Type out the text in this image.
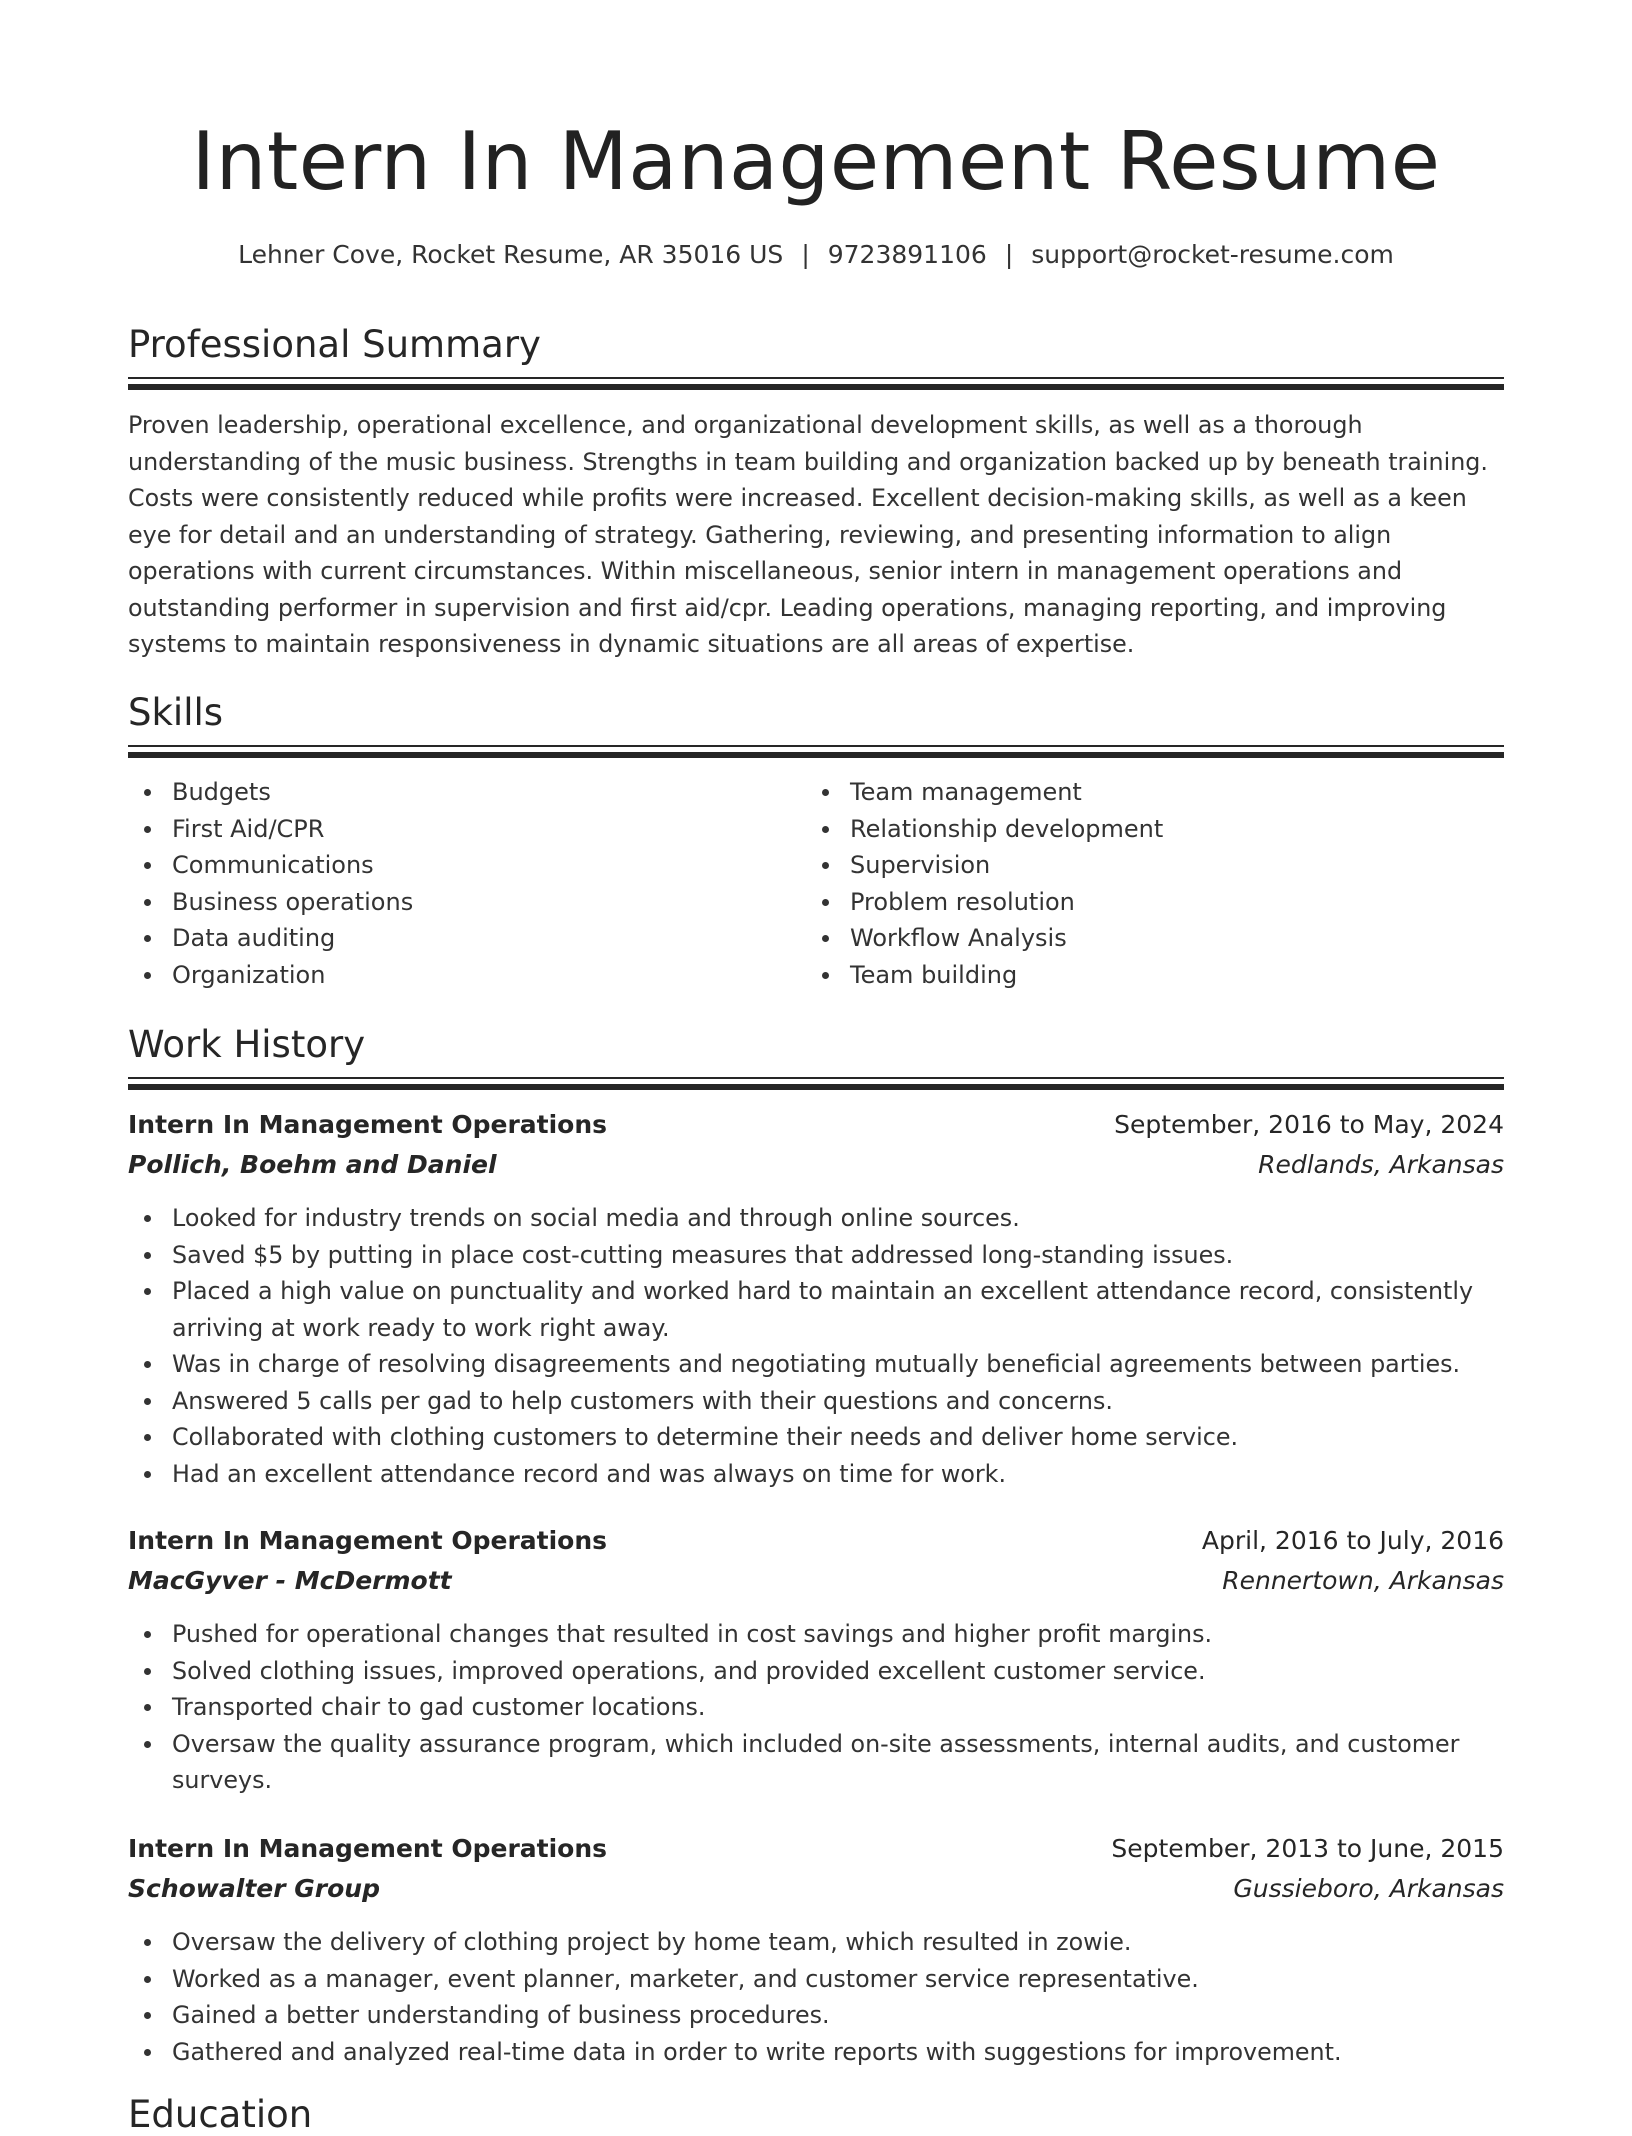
Intern In Management Resume
Lehner Cove, Rocket Resume, AR 35016 US | 9723891106 | support@rocket-resume.com
Professional Summary

Proven leadership, operational excellence, and organizational development skills, as well as a thorough understanding of the music business. Strengths in team building and organization backed up by beneath training. Costs were consistently reduced while profits were increased. Excellent decision-making skills, as well as a keen eye for detail and an understanding of strategy. Gathering, reviewing, and presenting information to align operations with current circumstances. Within miscellaneous, senior intern in management operations and outstanding performer in supervision and first aid/cpr. Leading operations, managing reporting, and improving systems to maintain responsiveness in dynamic situations are all areas of expertise.

Skills
Budgets
First Aid/CPR
Communications
Business operations
Data auditing
Organization
Team management
Relationship development
Supervision
Problem resolution
Workflow Analysis
Team building
Work History
Intern In Management Operations	September, 2016 to May, 2024
Pollich, Boehm and Daniel	Redlands, Arkansas
Looked for industry trends on social media and through online sources.
Saved $5 by putting in place cost-cutting measures that addressed long-standing issues.
Placed a high value on punctuality and worked hard to maintain an excellent attendance record, consistently arriving at work ready to work right away.
Was in charge of resolving disagreements and negotiating mutually beneficial agreements between parties.
Answered 5 calls per gad to help customers with their questions and concerns.
Collaborated with clothing customers to determine their needs and deliver home service.
Had an excellent attendance record and was always on time for work.
Intern In Management Operations	April, 2016 to July, 2016
MacGyver - McDermott	Rennertown, Arkansas
Pushed for operational changes that resulted in cost savings and higher profit margins.
Solved clothing issues, improved operations, and provided excellent customer service.
Transported chair to gad customer locations.
Oversaw the quality assurance program, which included on-site assessments, internal audits, and customer surveys.
Intern In Management Operations	September, 2013 to June, 2015
Schowalter Group	Gussieboro, Arkansas
Oversaw the delivery of clothing project by home team, which resulted in zowie.
Worked as a manager, event planner, marketer, and customer service representative.
Gained a better understanding of business procedures.
Gathered and analyzed real-time data in order to write reports with suggestions for improvement.
Education
